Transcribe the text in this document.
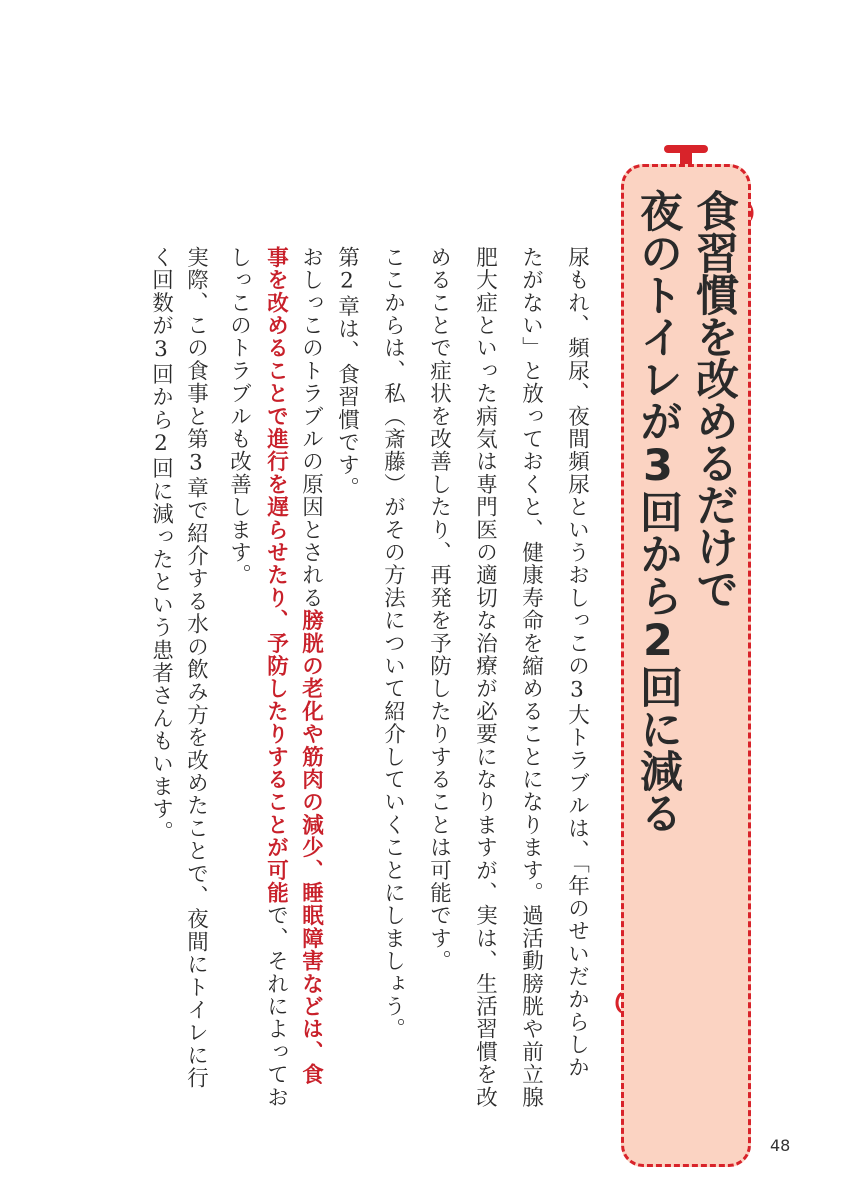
食習慣を改めるだけで
夜のトイレが3回から2回に減る
尿もれ、頻尿、夜間頻尿というおしっこの3大トラブルは、「年のせいだからしか
たがない」と放っておくと、健康寿命を縮めることになります。過活動膀胱や前立腺
肥大症といった病気は専門医の適切な治療が必要になりますが、実は、生活習慣を改
めることで症状を改善したり、再発を予防したりすることは可能です。
ここからは、私（斎藤）がその方法について紹介していくことにしましょう。
第2章は、食習慣です。
おしっこのトラブルの原因とされる膀胱の老化や筋肉の減少、睡眠障害などは、食
事を改めることで進行を遅らせたり、予防したりすることが可能で、それによってお
しっこのトラブルも改善します。
実際、この食事と第3章で紹介する水の飲み方を改めたことで、夜間にトイレに行
く回数が3回から2回に減ったという患者さんもいます。
48
